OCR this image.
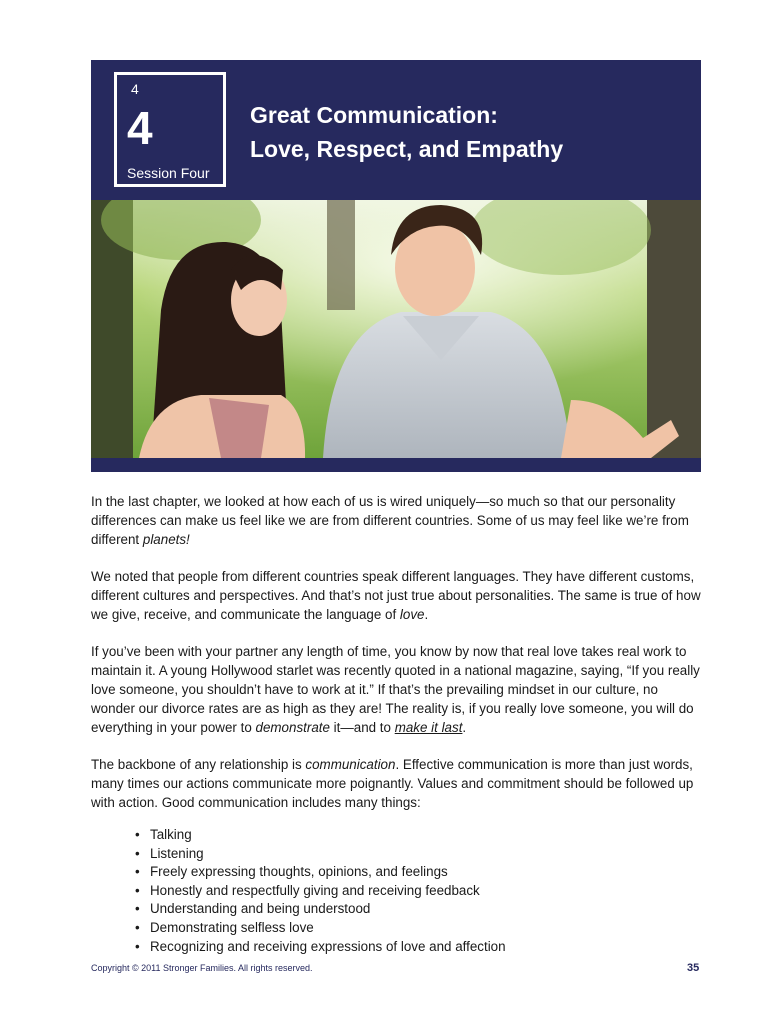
4
4
Session Four
Great Communication:
Love, Respect, and Empathy

In the last chapter, we looked at how each of us is wired uniquely—so much so that our personality differences can make us feel like we are from different countries. Some of us may feel like we’re from different planets!

We noted that people from different countries speak different languages. They have different customs, different cultures and perspectives. And that’s not just true about personalities. The same is true of how we give, receive, and communicate the language of love.

If you’ve been with your partner any length of time, you know by now that real love takes real work to maintain it. A young Hollywood starlet was recently quoted in a national magazine, saying, “If you really love someone, you shouldn’t have to work at it.” If that’s the prevailing mindset in our culture, no wonder our divorce rates are as high as they are! The reality is, if you really love someone, you will do everything in your power to demonstrate it—and to make it last.

The backbone of any relationship is communication. Effective communication is more than just words, many times our actions communicate more poignantly. Values and commitment should be followed up with action. Good communication includes many things:

• Talking
• Listening
• Freely expressing thoughts, opinions, and feelings
• Honestly and respectfully giving and receiving feedback
• Understanding and being understood
• Demonstrating selfless love
• Recognizing and receiving expressions of love and affection
Copyright © 2011 Stronger Families. All rights reserved.	35
